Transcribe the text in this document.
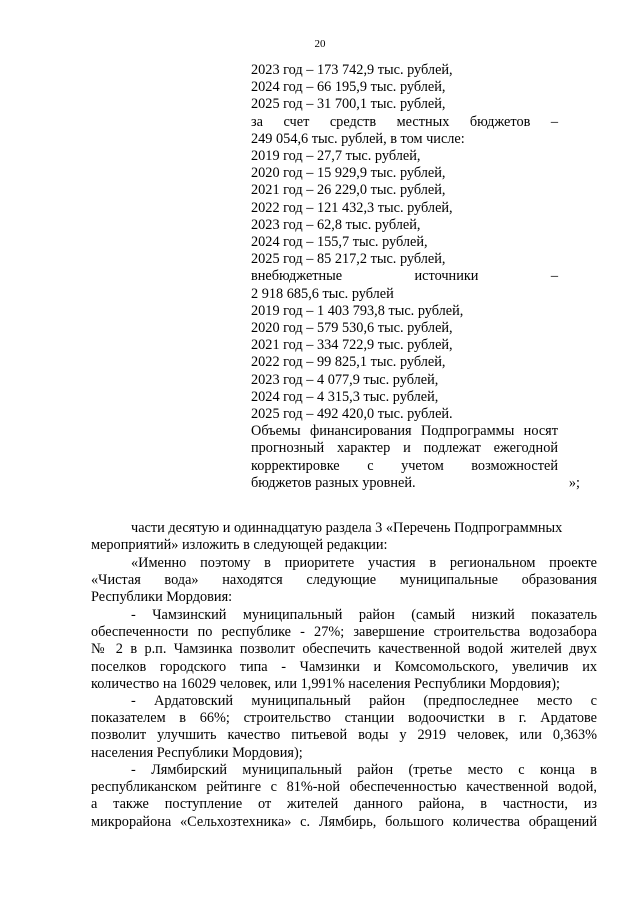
20
2023 год – 173 742,9 тыс. рублей,
2024 год – 66 195,9 тыс. рублей,
2025 год – 31 700,1 тыс. рублей,
за счет средств местных бюджетов –
249 054,6 тыс. рублей, в том числе:
2019 год – 27,7 тыс. рублей,
2020 год – 15 929,9 тыс. рублей,
2021 год – 26 229,0 тыс. рублей,
2022 год – 121 432,3 тыс. рублей,
2023 год – 62,8 тыс. рублей,
2024 год – 155,7 тыс. рублей,
2025 год – 85 217,2 тыс. рублей,
внебюджетные источники –
2 918 685,6 тыс. рублей
2019 год – 1 403 793,8 тыс. рублей,
2020 год – 579 530,6 тыс. рублей,
2021 год – 334 722,9 тыс. рублей,
2022 год – 99 825,1 тыс. рублей,
2023 год – 4 077,9 тыс. рублей,
2024 год – 4 315,3 тыс. рублей,
2025 год – 492 420,0 тыс. рублей.
Объемы финансирования Подпрограммы носят
прогнозный характер и подлежат ежегодной
корректировке с учетом возможностей
бюджетов разных уровней.	»;
части десятую и одиннадцатую раздела 3 «Перечень Подпрограммных
мероприятий» изложить в следующей редакции:
«Именно поэтому в приоритете участия в региональном проекте
«Чистая вода» находятся следующие муниципальные образования
Республики Мордовия:
- Чамзинский муниципальный район (самый низкий показатель
обеспеченности по республике - 27%; завершение строительства водозабора
№ 2 в р.п. Чамзинка позволит обеспечить качественной водой жителей двух
поселков городского типа - Чамзинки и Комсомольского, увеличив их
количество на 16029 человек, или 1,991% населения Республики Мордовия);
- Ардатовский муниципальный район (предпоследнее место с
показателем в 66%; строительство станции водоочистки в г. Ардатове
позволит улучшить качество питьевой воды у 2919 человек, или 0,363%
населения Республики Мордовия);
- Лямбирский муниципальный район (третье место с конца в
республиканском рейтинге с 81%-ной обеспеченностью качественной водой,
а также поступление от жителей данного района, в частности, из
микрорайона «Сельхозтехника» с. Лямбирь, большого количества обращений
